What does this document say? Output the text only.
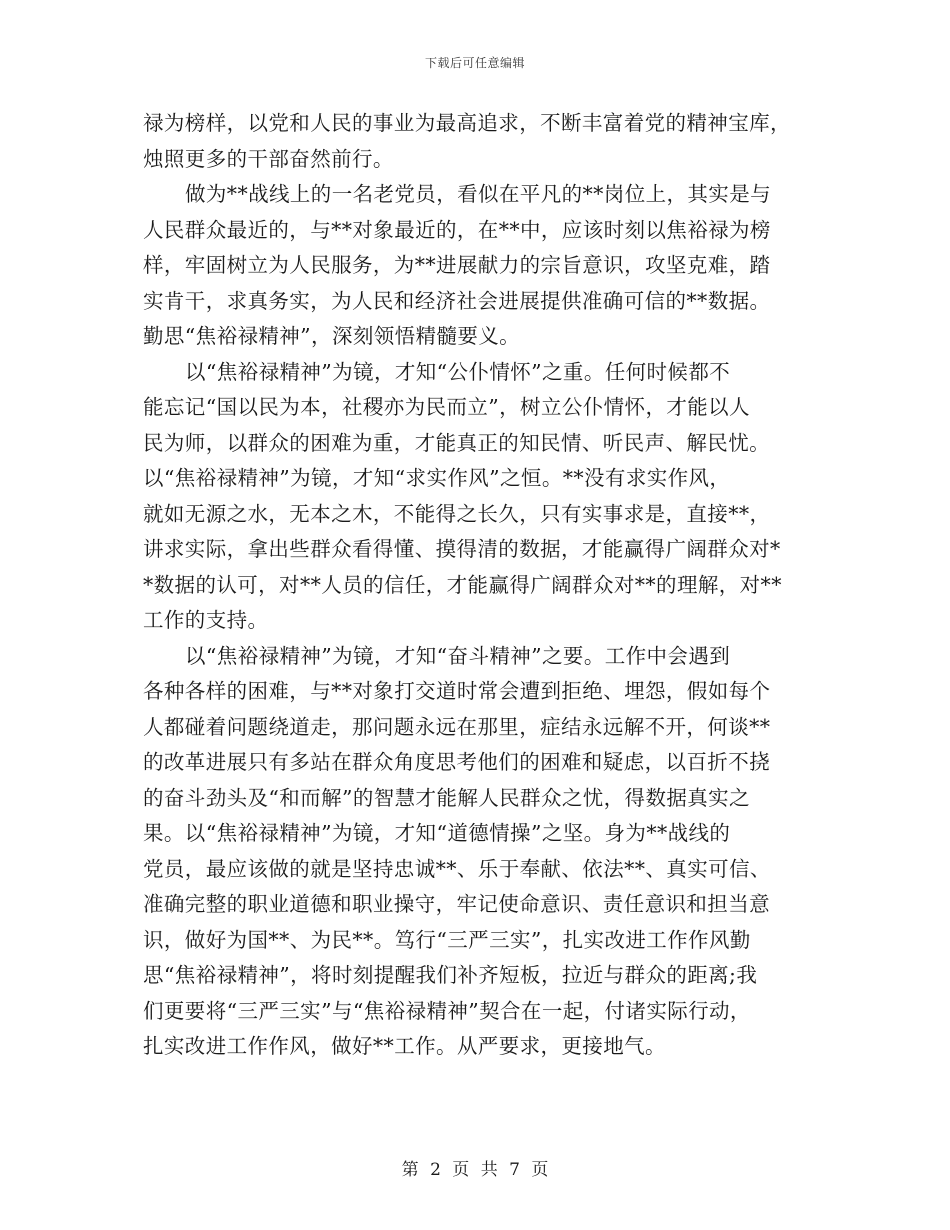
下载后可任意编辑
禄为榜样，以党和人民的事业为最高追求，不断丰富着党的精神宝库，
烛照更多的干部奋然前行。
做为**战线上的一名老党员，看似在平凡的**岗位上，其实是与
人民群众最近的，与**对象最近的，在**中，应该时刻以焦裕禄为榜
样，牢固树立为人民服务，为**进展献力的宗旨意识，攻坚克难，踏
实肯干，求真务实，为人民和经济社会进展提供准确可信的**数据。
勤思“焦裕禄精神”，深刻领悟精髓要义。
以“焦裕禄精神”为镜，才知“公仆情怀”之重。任何时候都不
能忘记“国以民为本，社稷亦为民而立”，树立公仆情怀，才能以人
民为师，以群众的困难为重，才能真正的知民情、听民声、解民忧。
以“焦裕禄精神”为镜，才知“求实作风”之恒。**没有求实作风，
就如无源之水，无本之木，不能得之长久，只有实事求是，直接**，
讲求实际，拿出些群众看得懂、摸得清的数据，才能赢得广阔群众对*
*数据的认可，对**人员的信任，才能赢得广阔群众对**的理解，对**
工作的支持。
以“焦裕禄精神”为镜，才知“奋斗精神”之要。工作中会遇到
各种各样的困难，与**对象打交道时常会遭到拒绝、埋怨，假如每个
人都碰着问题绕道走，那问题永远在那里，症结永远解不开，何谈**
的改革进展只有多站在群众角度思考他们的困难和疑虑，以百折不挠
的奋斗劲头及“和而解”的智慧才能解人民群众之忧，得数据真实之
果。以“焦裕禄精神”为镜，才知“道德情操”之坚。身为**战线的
党员，最应该做的就是坚持忠诚**、乐于奉献、依法**、真实可信、
准确完整的职业道德和职业操守，牢记使命意识、责任意识和担当意
识，做好为国**、为民**。笃行“三严三实”，扎实改进工作作风勤
思“焦裕禄精神”，将时刻提醒我们补齐短板，拉近与群众的距离;我
们更要将“三严三实”与“焦裕禄精神”契合在一起，付诸实际行动，
扎实改进工作作风，做好**工作。从严要求，更接地气。
第 2 页 共 7 页
